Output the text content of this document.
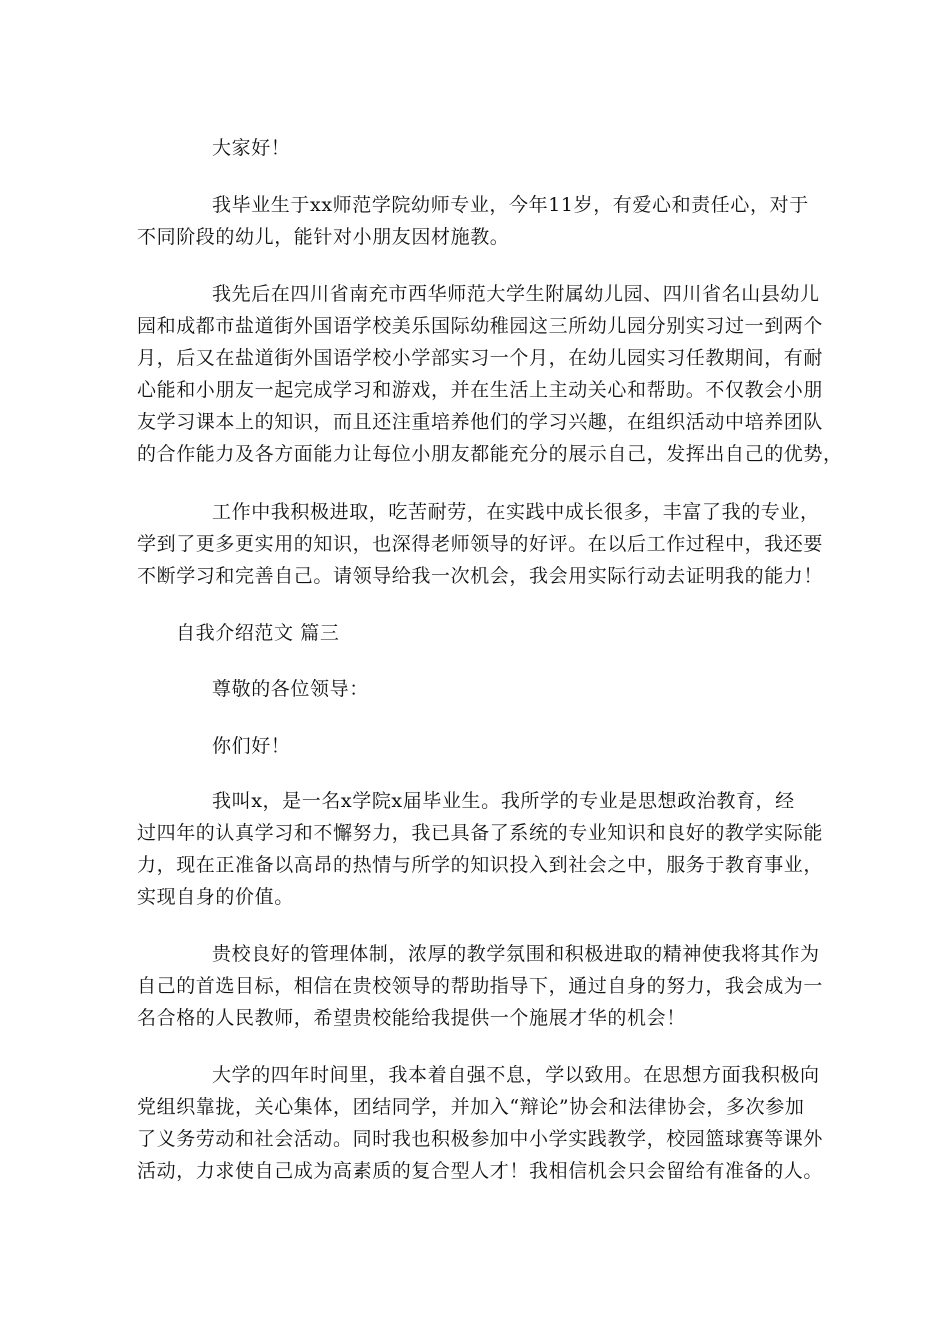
大家好！
我毕业生于xx师范学院幼师专业，今年11岁，有爱心和责任心，对于
不同阶段的幼儿，能针对小朋友因材施教。
我先后在四川省南充市西华师范大学生附属幼儿园、四川省名山县幼儿
园和成都市盐道街外国语学校美乐国际幼稚园这三所幼儿园分别实习过一到两个
月，后又在盐道街外国语学校小学部实习一个月，在幼儿园实习任教期间，有耐
心能和小朋友一起完成学习和游戏，并在生活上主动关心和帮助。不仅教会小朋
友学习课本上的知识，而且还注重培养他们的学习兴趣，在组织活动中培养团队
的合作能力及各方面能力让每位小朋友都能充分的展示自己，发挥出自己的优势，
工作中我积极进取，吃苦耐劳，在实践中成长很多，丰富了我的专业，
学到了更多更实用的知识，也深得老师领导的好评。在以后工作过程中，我还要
不断学习和完善自己。请领导给我一次机会，我会用实际行动去证明我的能力！
自我介绍范文 篇三
尊敬的各位领导：
你们好！
我叫x，是一名x学院x届毕业生。我所学的专业是思想政治教育，经
过四年的认真学习和不懈努力，我已具备了系统的专业知识和良好的教学实际能
力，现在正准备以高昂的热情与所学的知识投入到社会之中，服务于教育事业，
实现自身的价值。
贵校良好的管理体制，浓厚的教学氛围和积极进取的精神使我将其作为
自己的首选目标，相信在贵校领导的帮助指导下，通过自身的努力，我会成为一
名合格的人民教师，希望贵校能给我提供一个施展才华的机会！
大学的四年时间里，我本着自强不息，学以致用。在思想方面我积极向
党组织靠拢，关心集体，团结同学，并加入“辩论”协会和法律协会，多次参加
了义务劳动和社会活动。同时我也积极参加中小学实践教学，校园篮球赛等课外
活动，力求使自己成为高素质的复合型人才！我相信机会只会留给有准备的人。
